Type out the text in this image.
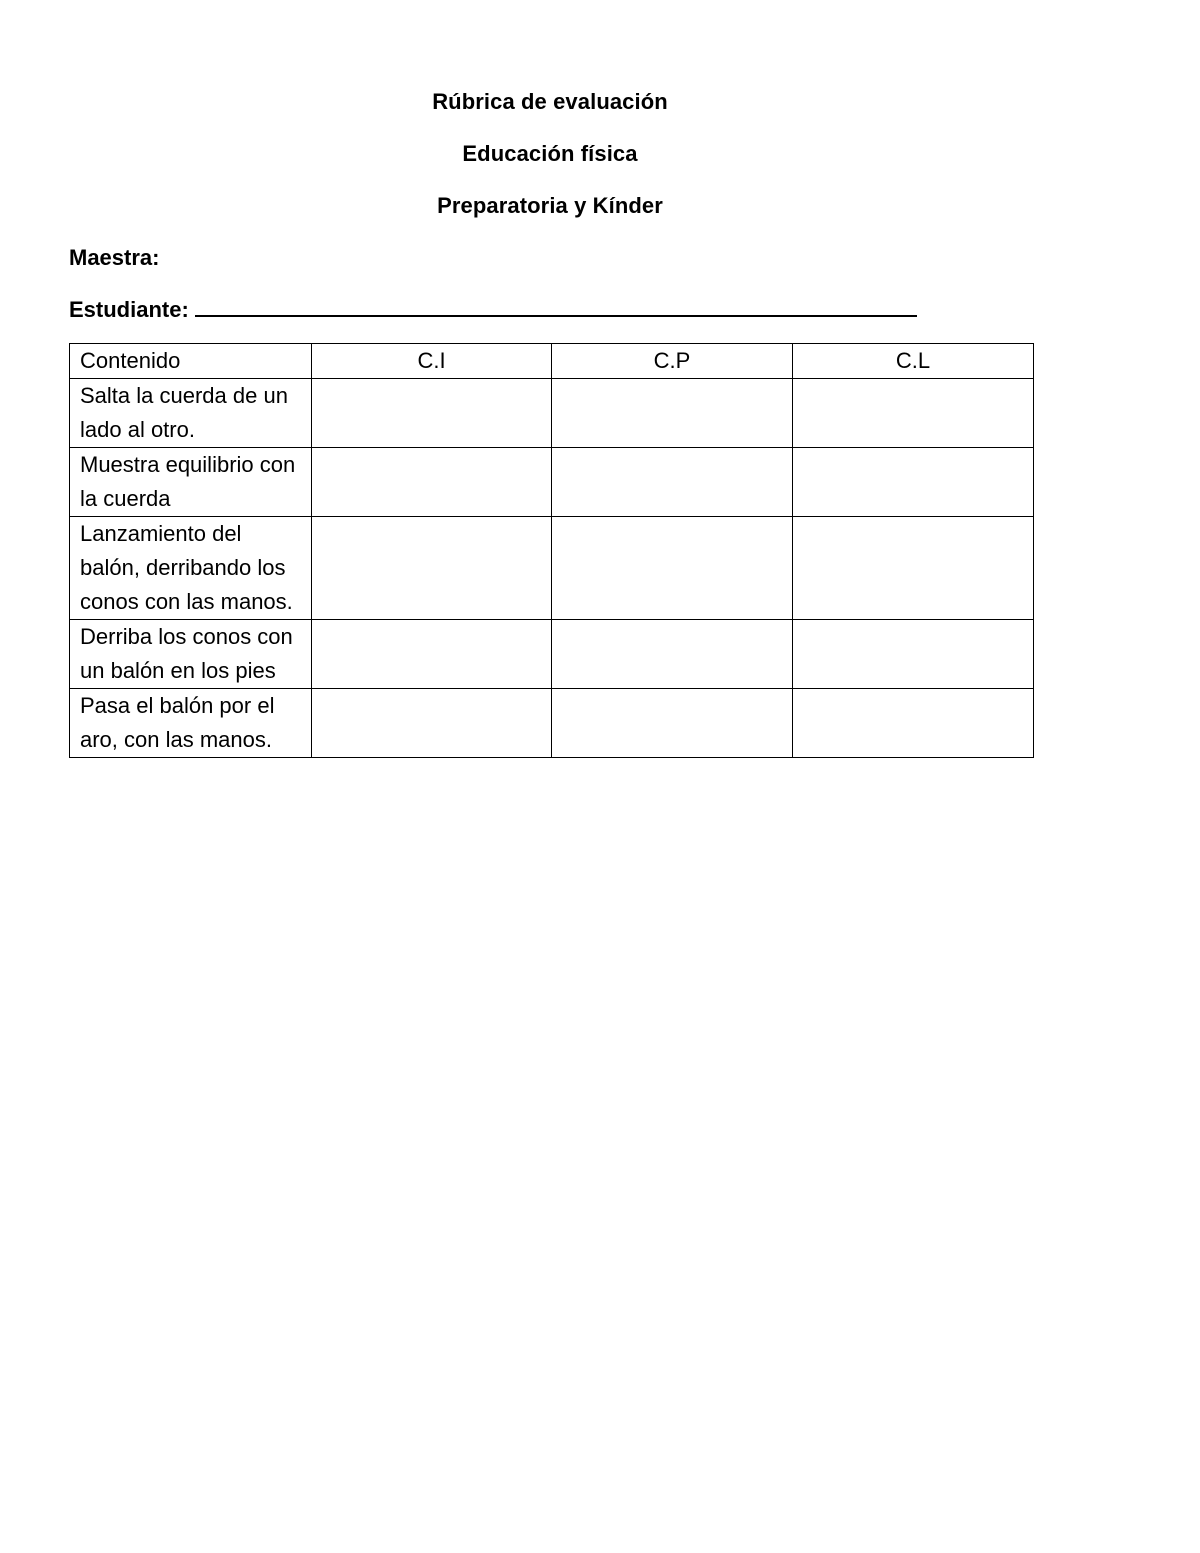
Rúbrica de evaluación
Educación física
Preparatoria y Kínder
Maestra:
Estudiante:
Contenido	C.I	C.P	C.L
Salta la cuerda de un lado al otro.			
Muestra equilibrio con la cuerda			
Lanzamiento del balón, derribando los conos con las manos.			
Derriba los conos con un balón en los pies			
Pasa el balón por el aro, con las manos.			
